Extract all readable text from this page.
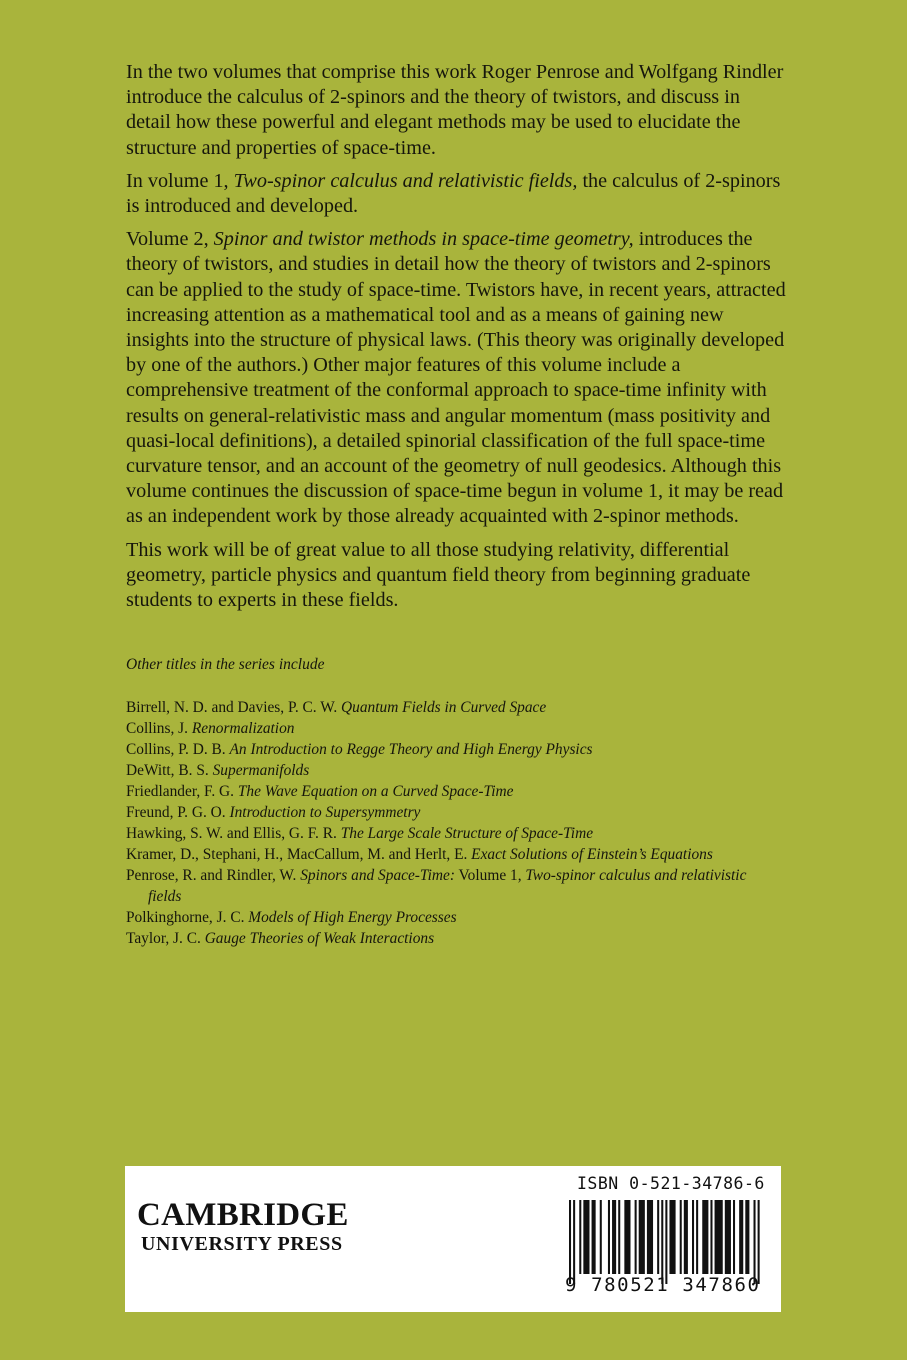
In the two volumes that comprise this work Roger Penrose and Wolfgang Rindler introduce the calculus of 2-spinors and the theory of twistors, and discuss in detail how these powerful and elegant methods may be used to elucidate the structure and properties of space-time.

In volume 1, Two-spinor calculus and relativistic fields, the calculus of 2-spinors is introduced and developed.

Volume 2, Spinor and twistor methods in space-time geometry, introduces the theory of twistors, and studies in detail how the theory of twistors and 2-spinors can be applied to the study of space-time. Twistors have, in recent years, attracted increasing attention as a mathematical tool and as a means of gaining new insights into the structure of physical laws. (This theory was originally developed by one of the authors.) Other major features of this volume include a comprehensive treatment of the conformal approach to space-time infinity with results on general-relativistic mass and angular momentum (mass positivity and quasi-local definitions), a detailed spinorial classification of the full space-time curvature tensor, and an account of the geometry of null geodesics. Although this volume continues the discussion of space-time begun in volume 1, it may be read as an independent work by those already acquainted with 2-spinor methods.

This work will be of great value to all those studying relativity, differential geometry, particle physics and quantum field theory from beginning graduate students to experts in these fields.

Other titles in the series include
Birrell, N. D. and Davies, P. C. W. Quantum Fields in Curved Space
Collins, J. Renormalization
Collins, P. D. B. An Introduction to Regge Theory and High Energy Physics
DeWitt, B. S. Supermanifolds
Friedlander, F. G. The Wave Equation on a Curved Space-Time
Freund, P. G. O. Introduction to Supersymmetry
Hawking, S. W. and Ellis, G. F. R. The Large Scale Structure of Space-Time
Kramer, D., Stephani, H., MacCallum, M. and Herlt, E. Exact Solutions of Einstein’s Equations
Penrose, R. and Rindler, W. Spinors and Space-Time: Volume 1, Two-spinor calculus and relativistic fields
Polkinghorne, J. C. Models of High Energy Processes
Taylor, J. C. Gauge Theories of Weak Interactions
CAMBRIDGE
UNIVERSITY PRESS
ISBN 0-521-34786-6
9 780521 347860
